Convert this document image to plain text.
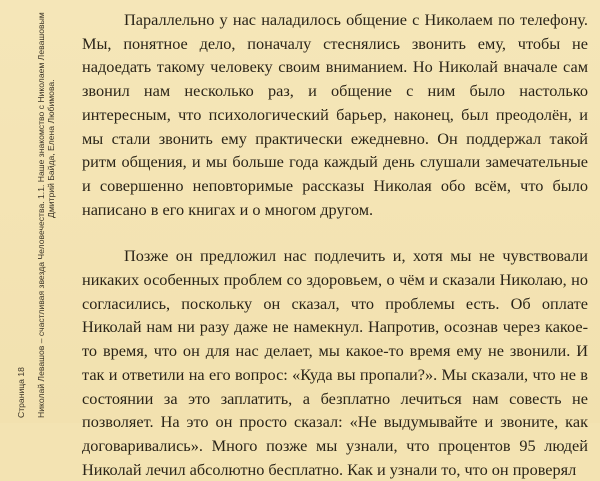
Страница 18 Николай Левашов – счастливая звезда Человечества. 1.1. Наше знакомство с Николаем Левашовым Дмитрий Байда, Елена Любимова.

Параллельно у нас наладилось общение с Николаем по телефону. Мы, понятное дело, поначалу стеснялись звонить ему, чтобы не надоедать такому человеку своим вниманием. Но Николай вначале сам звонил нам несколько раз, и общение с ним было настолько интересным, что психологический барьер, наконец, был преодолён, и мы стали звонить ему практически ежедневно. Он поддержал такой ритм общения, и мы больше года каждый день слушали замечательные и совершенно неповторимые рассказы Николая обо всём, что было написано в его книгах и о многом другом.

Позже он предложил нас подлечить и, хотя мы не чувствовали никаких особенных проблем со здоровьем, о чём и сказали Николаю, но согласились, поскольку он сказал, что проблемы есть. Об оплате Николай нам ни разу даже не намекнул. Напротив, осознав через какое-то время, что он для нас делает, мы какое-то время ему не звонили. И так и ответили на его вопрос: «Куда вы пропали?». Мы сказали, что не в состоянии за это заплатить, а безплатно лечиться нам совесть не позволяет. На это он просто сказал: «Не выдумывайте и звоните, как договаривались». Много позже мы узнали, что процентов 95 людей Николай лечил абсолютно бесплатно. Как и узнали то, что он проверял
